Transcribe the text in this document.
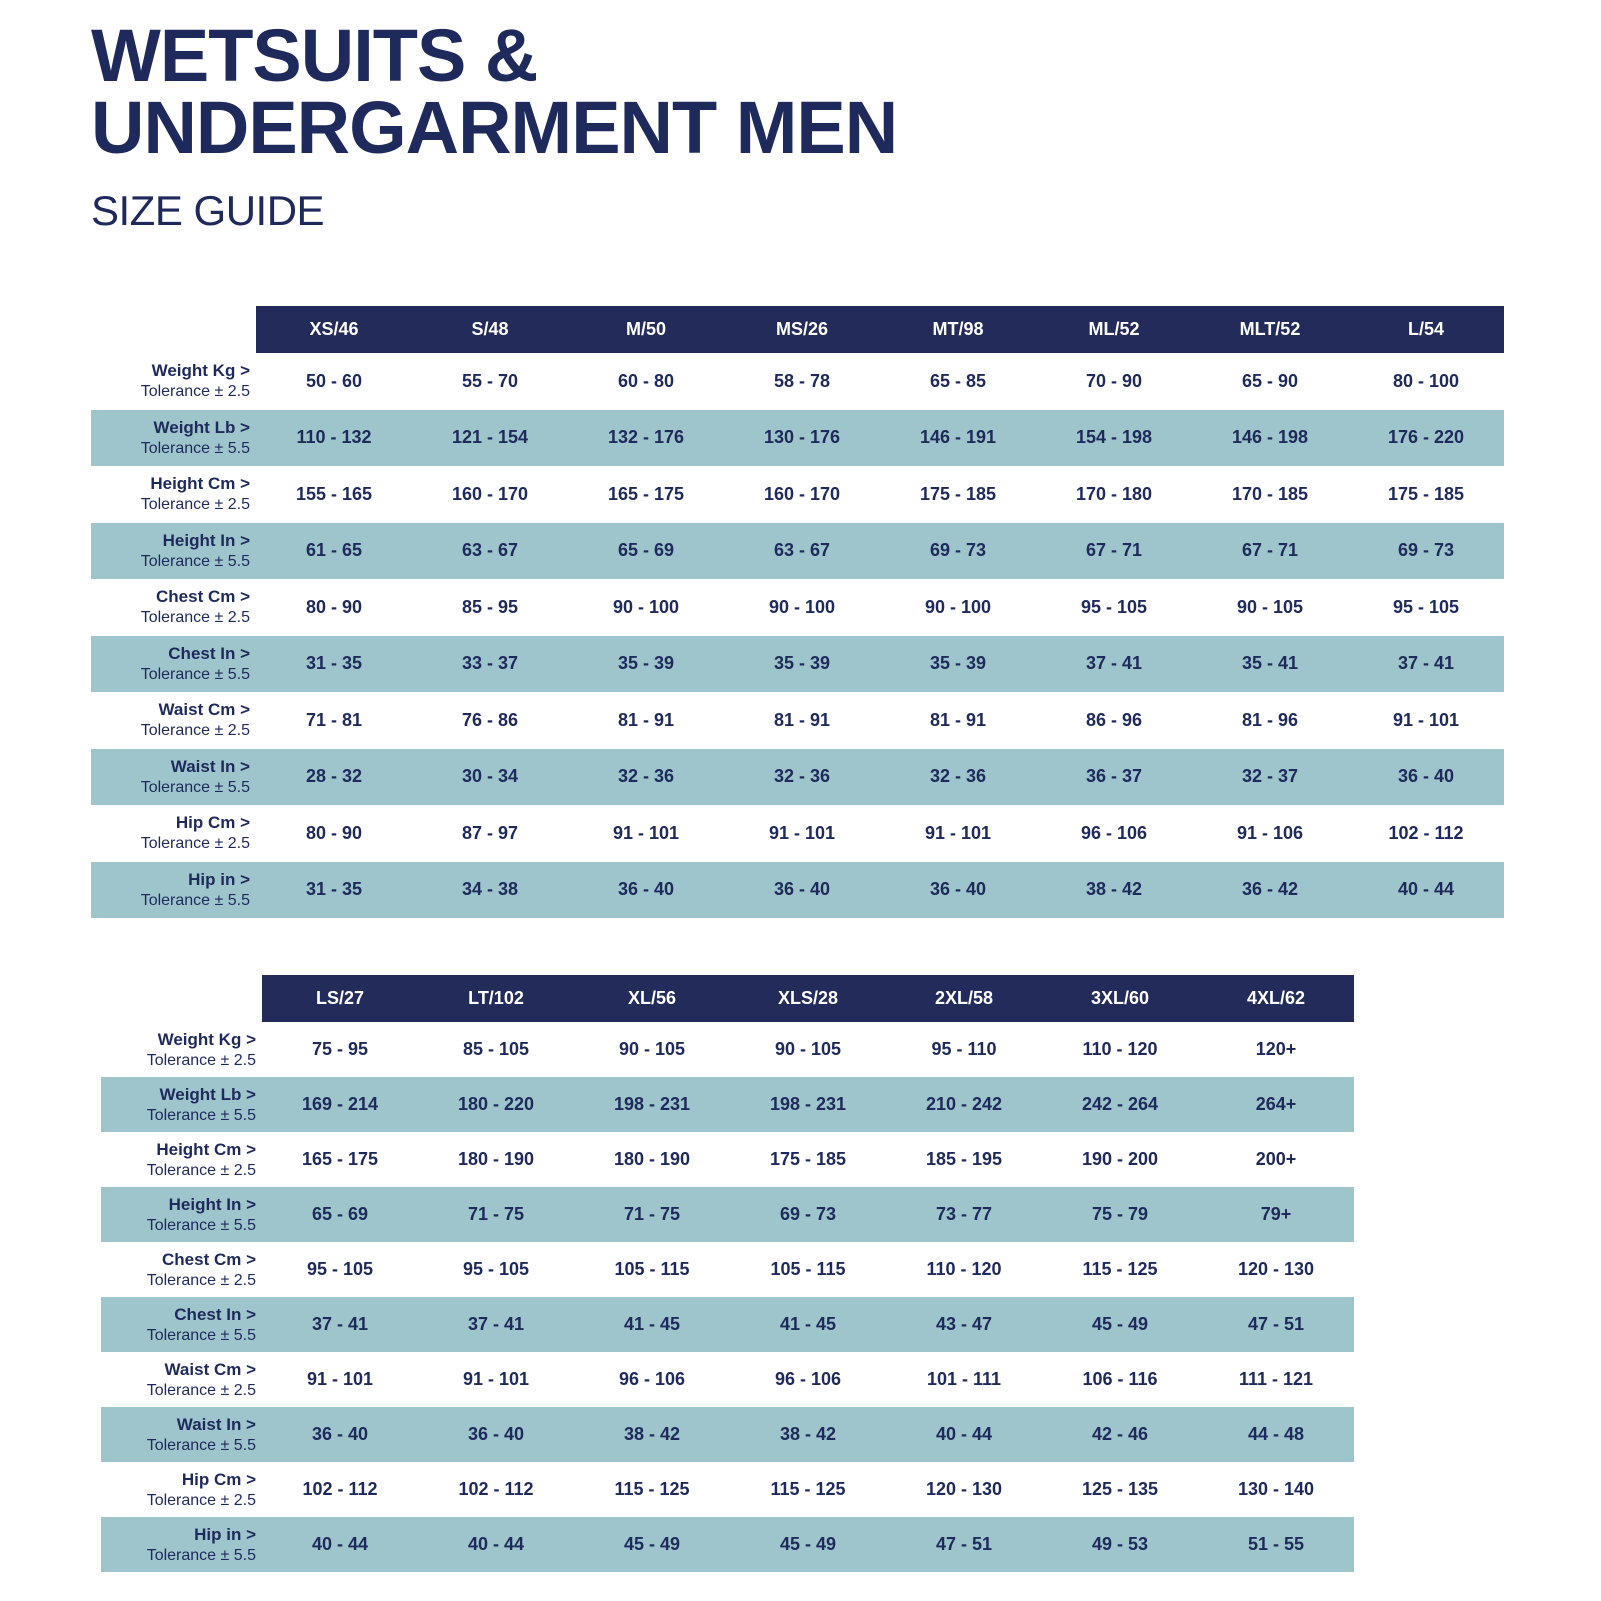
WETSUITS &
UNDERGARMENT MEN
SIZE GUIDE
	XS/46	S/48	M/50	MS/26	MT/98	ML/52	MLT/52	L/54

Weight Kg >
Tolerance ± 2.5	50 - 60	55 - 70	60 - 80	58 - 78	65 - 85	70 - 90	65 - 90	80 - 100

Weight Lb >
Tolerance ± 5.5	110 - 132	121 - 154	132 - 176	130 - 176	146 - 191	154 - 198	146 - 198	176 - 220

Height Cm >
Tolerance ± 2.5	155 - 165	160 - 170	165 - 175	160 - 170	175 - 185	170 - 180	170 - 185	175 - 185

Height In >
Tolerance ± 5.5	61 - 65	63 - 67	65 - 69	63 - 67	69 - 73	67 - 71	67 - 71	69 - 73

Chest Cm >
Tolerance ± 2.5	80 - 90	85 - 95	90 - 100	90 - 100	90 - 100	95 - 105	90 - 105	95 - 105

Chest In >
Tolerance ± 5.5	31 - 35	33 - 37	35 - 39	35 - 39	35 - 39	37 - 41	35 - 41	37 - 41

Waist Cm >
Tolerance ± 2.5	71 - 81	76 - 86	81 - 91	81 - 91	81 - 91	86 - 96	81 - 96	91 - 101

Waist In >
Tolerance ± 5.5	28 - 32	30 - 34	32 - 36	32 - 36	32 - 36	36 - 37	32 - 37	36 - 40

Hip Cm >
Tolerance ± 2.5	80 - 90	87 - 97	91 - 101	91 - 101	91 - 101	96 - 106	91 - 106	102 - 112

Hip in >
Tolerance ± 5.5	31 - 35	34 - 38	36 - 40	36 - 40	36 - 40	38 - 42	36 - 42	40 - 44
	LS/27	LT/102	XL/56	XLS/28	2XL/58	3XL/60	4XL/62

Weight Kg >
Tolerance ± 2.5	75 - 95	85 - 105	90 - 105	90 - 105	95 - 110	110 - 120	120+

Weight Lb >
Tolerance ± 5.5	169 - 214	180 - 220	198 - 231	198 - 231	210 - 242	242 - 264	264+

Height Cm >
Tolerance ± 2.5	165 - 175	180 - 190	180 - 190	175 - 185	185 - 195	190 - 200	200+

Height In >
Tolerance ± 5.5	65 - 69	71 - 75	71 - 75	69 - 73	73 - 77	75 - 79	79+

Chest Cm >
Tolerance ± 2.5	95 - 105	95 - 105	105 - 115	105 - 115	110 - 120	115 - 125	120 - 130

Chest In >
Tolerance ± 5.5	37 - 41	37 - 41	41 - 45	41 - 45	43 - 47	45 - 49	47 - 51

Waist Cm >
Tolerance ± 2.5	91 - 101	91 - 101	96 - 106	96 - 106	101 - 111	106 - 116	111 - 121

Waist In >
Tolerance ± 5.5	36 - 40	36 - 40	38 - 42	38 - 42	40 - 44	42 - 46	44 - 48

Hip Cm >
Tolerance ± 2.5	102 - 112	102 - 112	115 - 125	115 - 125	120 - 130	125 - 135	130 - 140

Hip in >
Tolerance ± 5.5	40 - 44	40 - 44	45 - 49	45 - 49	47 - 51	49 - 53	51 - 55
